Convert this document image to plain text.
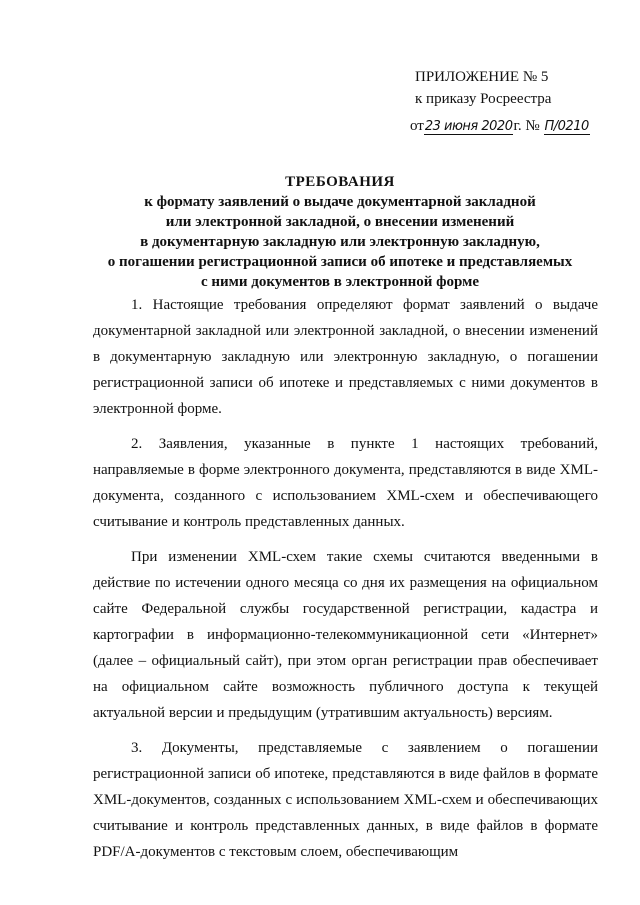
ПРИЛОЖЕНИЕ № 5
к приказу Росреестра
от23 июня 2020г. № П/0210
ТРЕБОВАНИЯ
к формату заявлений о выдаче документарной закладной
или электронной закладной, о внесении изменений
в документарную закладную или электронную закладную,
о погашении регистрационной записи об ипотеке и представляемых
с ними документов в электронной форме

1. Настоящие требования определяют формат заявлений о выдаче документарной закладной или электронной закладной, о внесении изменений в документарную закладную или электронную закладную, о погашении регистрационной записи об ипотеке и представляемых с ними документов в электронной форме.

2. Заявления, указанные в пункте 1 настоящих требований, направляемые в форме электронного документа, представляются в виде XML-документа, созданного с использованием XML-схем и обеспечивающего считывание и контроль представленных данных.

При изменении XML-схем такие схемы считаются введенными в действие по истечении одного месяца со дня их размещения на официальном сайте Федеральной службы государственной регистрации, кадастра и картографии в информационно-телекоммуникационной сети «Интернет» (далее – официальный сайт), при этом орган регистрации прав обеспечивает на официальном сайте возможность публичного доступа к текущей актуальной версии и предыдущим (утратившим актуальность) версиям.

3. Документы, представляемые с заявлением о погашении регистрационной записи об ипотеке, представляются в виде файлов в формате XML-документов, созданных с использованием XML-схем и обеспечивающих считывание и контроль представленных данных, в виде файлов в формате PDF/A-документов с текстовым слоем, обеспечивающим
